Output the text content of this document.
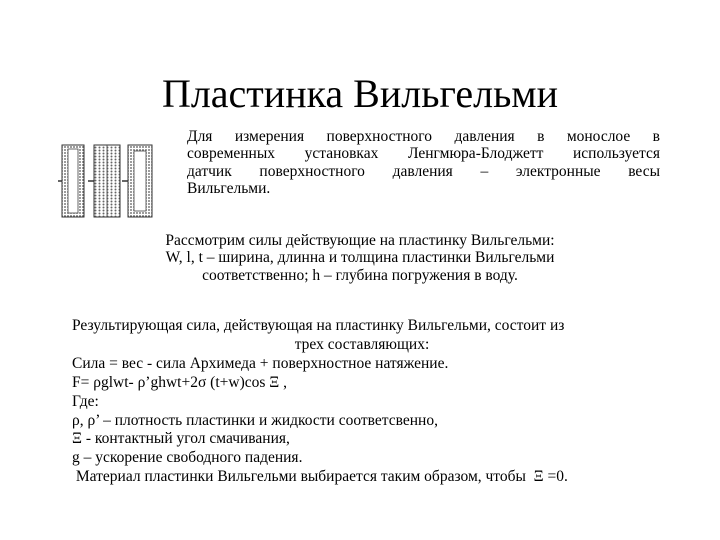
Пластинка Вильгельми
Для измерения поверхностного давления в монослое в
современных установках Ленгмюра-Блоджетт используется
датчик поверхностного давления – электронные весы
Вильгельми.
Рассмотрим силы действующие на пластинку Вильгельми:
W, l, t – ширина, длинна и толщина пластинки Вильгельми
соответственно; h – глубина погружения в воду.
Результирующая сила, действующая на пластинку Вильгельми, состоит из
трех составляющих:
Сила = вес - сила Архимеда + поверхностное натяжение.
F= ρglwt- ρ’ghwt+2σ (t+w)cos Ξ ,
Где:
ρ, ρ’ – плотность пластинки и жидкости соответсвенно,
Ξ - контактный угол смачивания,
g – ускорение свободного падения.
Материал пластинки Вильгельми выбирается таким образом, чтобы  Ξ =0.
